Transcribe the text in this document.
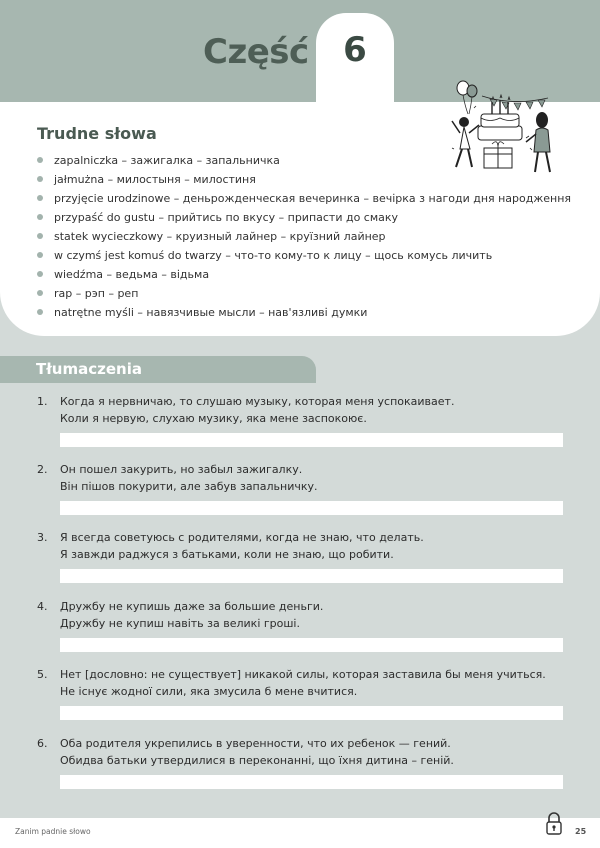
Część	6
Trudne słowa
zapalniczka – зажигалка – запальничка
jałmużna – милостыня – милостиня
przyjęcie urodzinowe – деньрожденческая вечеринка – вечірка з нагоди дня народження
przypaść do gustu – прийтись по вкусу – припасти до смаку
statek wycieczkowy – круизный лайнер – круїзний лайнер
w czymś jest komuś do twarzy – что-то кому-то к лицу – щось комусь личить
wiedźma – ведьма – відьма
rap – рэп – реп
natrętne myśli – навязчивые мысли – нав'язливі думки
Tłumaczenia
1. Когда я нервничаю, то слушаю музыку, которая меня успокаивает.
Коли я нервую, слухаю музику, яка мене заспокоює.
2. Он пошел закурить, но забыл зажигалку.
Він пішов покурити, але забув запальничку.
3. Я всегда советуюсь с родителями, когда не знаю, что делать.
Я завжди раджуся з батьками, коли не знаю, що робити.
4. Дружбу не купишь даже за большие деньги.
Дружбу не купиш навіть за великі гроші.
5. Нет [дословно: не существует] никакой силы, которая заставила бы меня учиться.
Не існує жодної сили, яка змусила б мене вчитися.
6. Оба родителя укрепились в уверенности, что их ребенок — гений.
Обидва батьки утвердилися в переконанні, що їхня дитина – геній.
Zanim padnie słowo	25
